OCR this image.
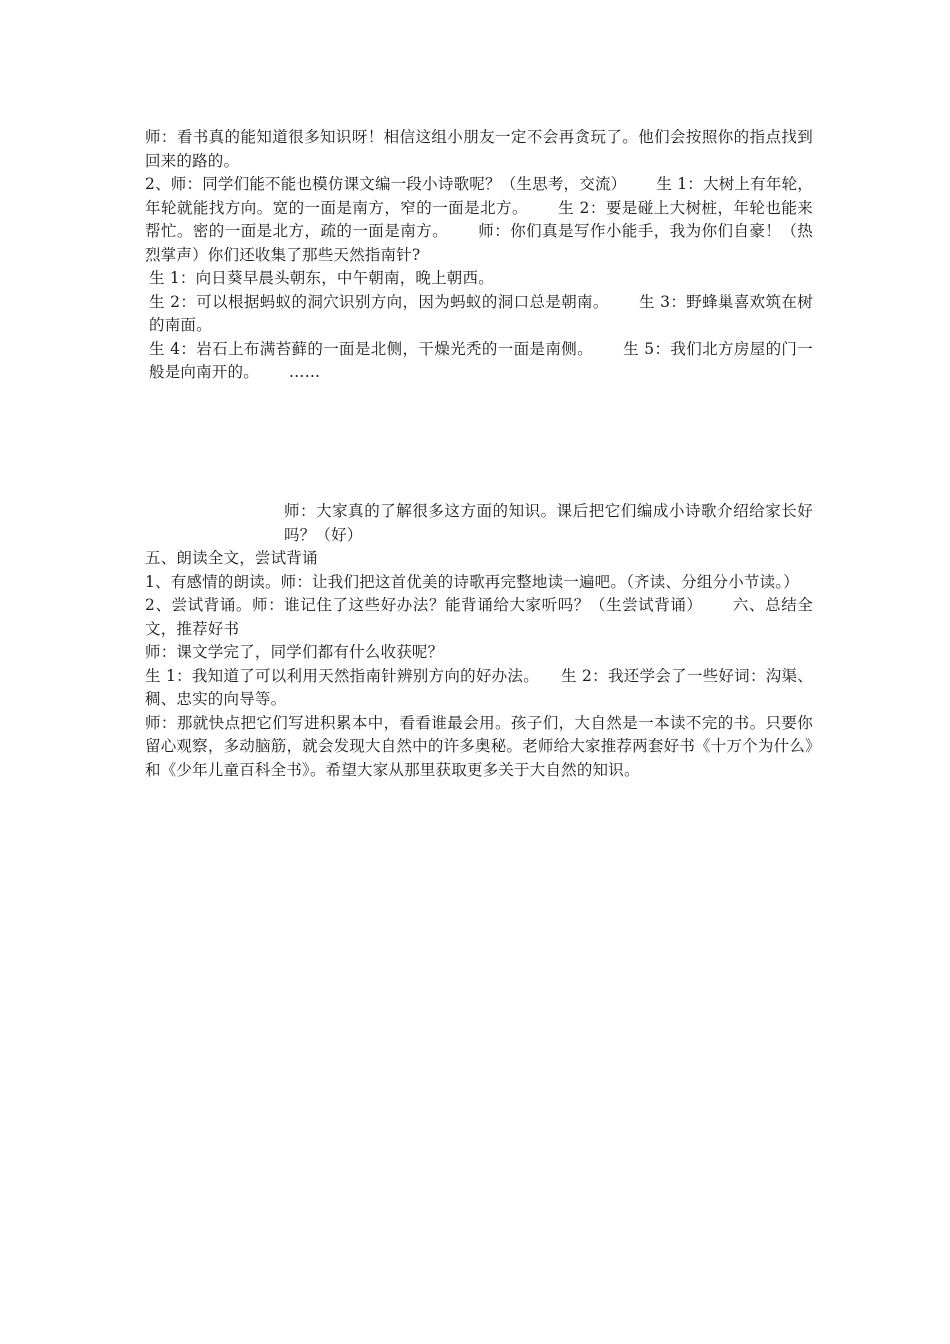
师：看书真的能知道很多知识呀！相信这组小朋友一定不会再贪玩了。他们会按照你的指点找到回来的路的。

2、师：同学们能不能也模仿课文编一段小诗歌呢？（生思考，交流） 生 1：大树上有年轮，年轮就能找方向。宽的一面是南方，窄的一面是北方。 生 2：要是碰上大树桩，年轮也能来帮忙。密的一面是北方，疏的一面是南方。 师：你们真是写作小能手，我为你们自豪！（热烈掌声）你们还收集了那些天然指南针?

生 1：向日葵早晨头朝东，中午朝南，晚上朝西。

生 2：可以根据蚂蚁的洞穴识别方向，因为蚂蚁的洞口总是朝南。 生 3：野蜂巢喜欢筑在树的南面。

生 4：岩石上布满苔藓的一面是北侧，干燥光秃的一面是南侧。 生 5：我们北方房屋的门一般是向南开的。 ……

师：大家真的了解很多这方面的知识。课后把它们编成小诗歌介绍给家长好吗？（好）

五、朗读全文，尝试背诵

1、有感情的朗读。师：让我们把这首优美的诗歌再完整地读一遍吧。（齐读、分组分小节读。）

2、尝试背诵。师：谁记住了这些好办法？能背诵给大家听吗？（生尝试背诵） 六、总结全文，推荐好书

师：课文学完了，同学们都有什么收获呢？

生 1：我知道了可以利用天然指南针辨别方向的好办法。 生 2：我还学会了一些好词：沟渠、稠、忠实的向导等。

师：那就快点把它们写进积累本中，看看谁最会用。孩子们，大自然是一本读不完的书。只要你留心观察，多动脑筋，就会发现大自然中的许多奥秘。老师给大家推荐两套好书《十万个为什么》和《少年儿童百科全书》。希望大家从那里获取更多关于大自然的知识。
